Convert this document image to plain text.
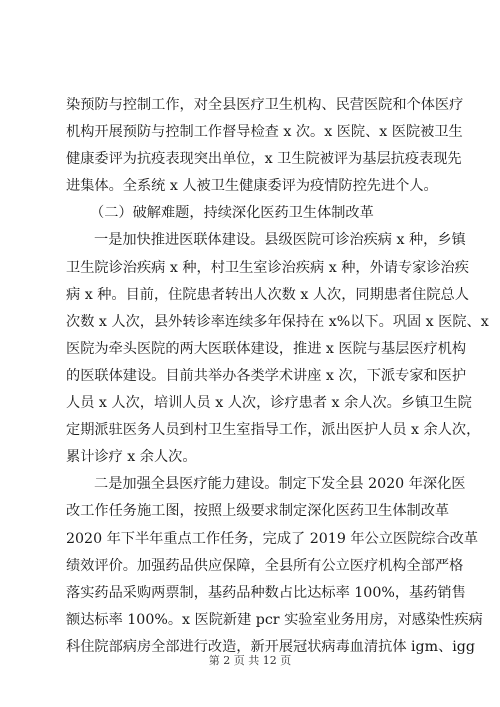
染预防与控制工作，对全县医疗卫生机构、民营医院和个体医疗
机构开展预防与控制工作督导检查 x 次。x 医院、x 医院被卫生
健康委评为抗疫表现突出单位，x 卫生院被评为基层抗疫表现先
进集体。全系统 x 人被卫生健康委评为疫情防控先进个人。
（二）破解难题，持续深化医药卫生体制改革
一是加快推进医联体建设。县级医院可诊治疾病 x 种，乡镇
卫生院诊治疾病 x 种，村卫生室诊治疾病 x 种，外请专家诊治疾
病 x 种。目前，住院患者转出人次数 x 人次，同期患者住院总人
次数 x 人次，县外转诊率连续多年保持在 x%以下。巩固 x 医院、x
医院为牵头医院的两大医联体建设，推进 x 医院与基层医疗机构
的医联体建设。目前共举办各类学术讲座 x 次，下派专家和医护
人员 x 人次，培训人员 x 人次，诊疗患者 x 余人次。乡镇卫生院
定期派驻医务人员到村卫生室指导工作，派出医护人员 x 余人次，
累计诊疗 x 余人次。
二是加强全县医疗能力建设。制定下发全县 2020 年深化医
改工作任务施工图，按照上级要求制定深化医药卫生体制改革
2020 年下半年重点工作任务，完成了 2019 年公立医院综合改革
绩效评价。加强药品供应保障，全县所有公立医疗机构全部严格
落实药品采购两票制，基药品种数占比达标率 100%，基药销售
额达标率 100%。x 医院新建 pcr 实验室业务用房，对感染性疾病
科住院部病房全部进行改造，新开展冠状病毒血清抗体 igm、igg
第 2 页 共 12 页
